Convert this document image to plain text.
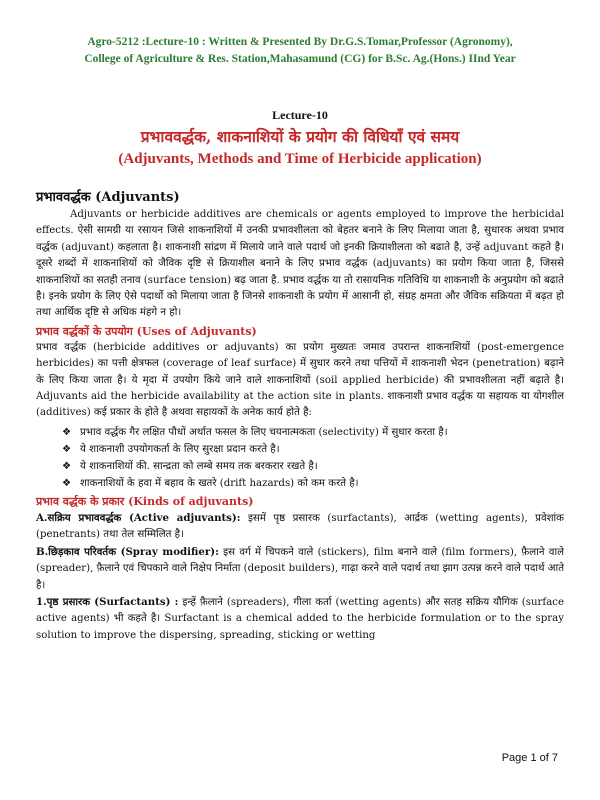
Agro-5212 :Lecture-10 : Written & Presented By Dr.G.S.Tomar,Professor (Agronomy),
College of Agriculture & Res. Station,Mahasamund (CG) for B.Sc. Ag.(Hons.) IInd Year
Lecture-10
प्रभाववर्द्धक, शाकनाशियों के प्रयोग की विधियाँ एवं समय
(Adjuvants, Methods and Time of Herbicide application)
प्रभाववर्द्धक (Adjuvants)

Adjuvants or herbicide additives are chemicals or agents employed to improve the herbicidal effects. ऐसी सामग्री या रसायन जिसे शाकनाशियों में उनकी प्रभावशीलता को बेहतर बनाने के लिए मिलाया जाता है, सुधारक अथवा प्रभाव वर्द्धक (adjuvant) कहलाता है। शाकनाशी सांद्रण में मिलाये जाने वाले पदार्थ जो इनकी क्रियाशीलता को बढाते है, उन्हें adjuvant कहते है। दूसरे शब्दों में शाकनाशियों को जैविक दृष्टि से क्रियाशील बनाने के लिए प्रभाव वर्द्धक (adjuvants) का प्रयोग किया जाता है, जिससे शाकनाशियों का सतही तनाव (surface tension) बढ़ जाता है. प्रभाव वर्द्धक या तो रासायनिक गतिविधि या शाकनाशी के अनुप्रयोग को बढाते है। इनके प्रयोग के लिए ऐसे पदार्थो को मिलाया जाता है जिनसे शाकनाशी के प्रयोग में आसानी हो, संग्रह क्षमता और जैविक सक्रियता में बढ़त हो तथा आर्थिक दृष्टि से अधिक मंहगे न हो।

प्रभाव वर्द्धकों के उपयोग (Uses of Adjuvants)

प्रभाव वर्द्धक (herbicide additives or adjuvants) का प्रयोग मुख्यतः जमाव उपरान्त शाकनाशियों (post-emergence herbicides) का पत्ती क्षेत्रफल (coverage of leaf surface) में सुधार करने तथा पत्तियों में शाकनाशी भेदन (penetration) बढ़ाने के लिए किया जाता है। ये मृदा में उपयोग किये जाने वाले शाकनाशियों (soil applied herbicide) की प्रभावशीलता नहीं बढ़ाते है। Adjuvants aid the herbicide availability at the action site in plants. शाकनाशी प्रभाव वर्द्धक या सहायक या योगशील (additives) कई प्रकार के होते है अथवा सहायकों के अनेक कार्य होते है:

❖ प्रभाव वर्द्धक गैर लक्षित पौधों अर्थात फसल के लिए चयनात्मकता (selectivity) में सुधार करता है।
❖ ये शाकनाशी उपयोगकर्ता के लिए सुरक्षा प्रदान करते है।
❖ ये शाकनाशियों की. सान्द्रता को लम्बे समय तक बरकरार रखते है।
❖ शाकनाशियों के हवा में बहाव के खतरे (drift hazards) को कम करते है।
प्रभाव वर्द्धक के प्रकार (Kinds of adjuvants)

A.सक्रिय प्रभाववर्द्धक (Active adjuvants): इसमें पृष्ठ प्रसारक (surfactants), आर्द्रक (wetting agents), प्रवेशांक (penetrants) तथा तेल सम्मिलित है।

B.छिड़काव परिवर्तक (Spray modifier): इस वर्ग में चिपकने वाले (stickers), film बनाने वाले (film formers), फ़ैलाने वाले (spreader), फ़ैलाने एवं चिपकाने वाले निक्षेप निर्माता (deposit builders), गाढ़ा करने वाले पदार्थ तथा झाग उत्पन्न करने वाले पदार्थ आते है।

1.पृष्ठ प्रसारक (Surfactants) : इन्हें फ़ैलाने (spreaders), गीला कर्ता (wetting agents) और सतह सक्रिय यौगिक (surface active agents) भी कहते है। Surfactant is a chemical added to the herbicide formulation or to the spray solution to improve the dispersing, spreading, sticking or wetting

Page 1 of 7
